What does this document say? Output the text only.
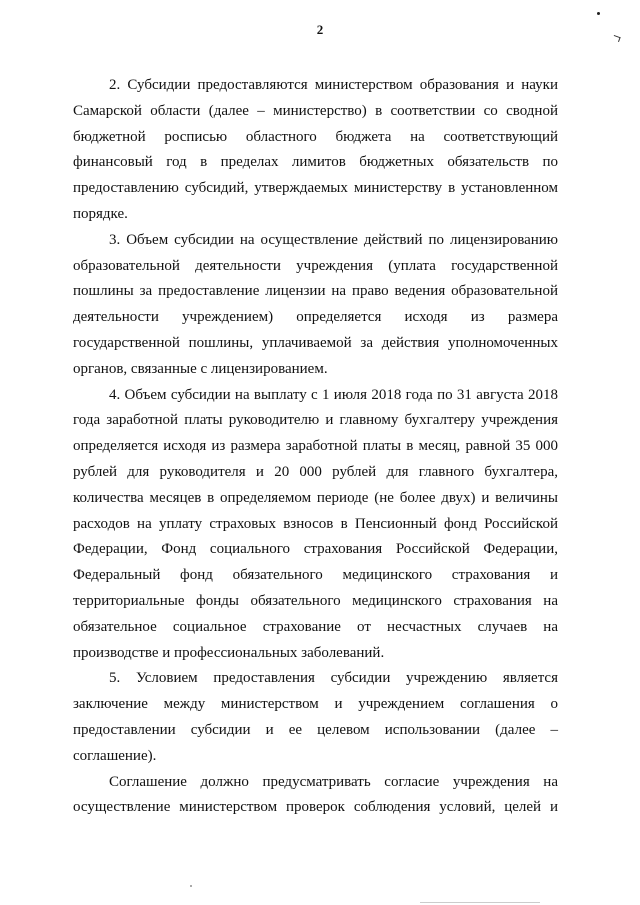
2

2. Субсидии предоставляются министерством образования и науки Самарской области (далее – министерство) в соответствии со сводной бюджетной росписью областного бюджета на соответствующий финансовый год в пределах лимитов бюджетных обязательств по предоставлению субсидий, утверждаемых министерству в установленном порядке.

3. Объем субсидии на осуществление действий по лицензированию образовательной деятельности учреждения (уплата государственной пошлины за предоставление лицензии на право ведения образовательной деятельности учреждением) определяется исходя из размера государственной пошлины, уплачиваемой за действия уполномоченных органов, связанные с лицензированием.

4. Объем субсидии на выплату с 1 июля 2018 года по 31 августа 2018 года заработной платы руководителю и главному бухгалтеру учреждения определяется исходя из размера заработной платы в месяц, равной 35 000 рублей для руководителя и 20 000 рублей для главного бухгалтера, количества месяцев в определяемом периоде (не более двух) и величины расходов на уплату страховых взносов в Пенсионный фонд Российской Федерации, Фонд социального страхования Российской Федерации, Федеральный фонд обязательного медицинского страхования и территориальные фонды обязательного медицинского страхования на обязательное социальное страхование от несчастных случаев на производстве и профессиональных заболеваний.

5. Условием предоставления субсидии учреждению является заключение между министерством и учреждением соглашения о предоставлении субсидии и ее целевом использовании (далее – соглашение).

Соглашение должно предусматривать согласие учреждения на осуществление министерством проверок соблюдения условий, целей и
